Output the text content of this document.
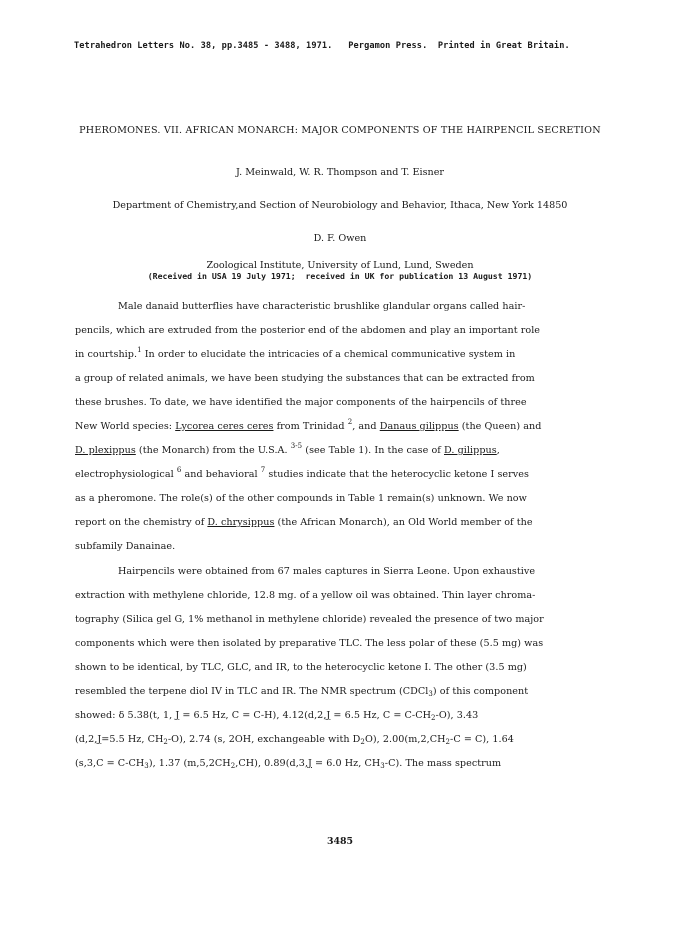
Tetrahedron Letters No. 38, pp.3485 - 3488, 1971.   Pergamon Press.  Printed in Great Britain.
PHEROMONES. VII. AFRICAN MONARCH: MAJOR COMPONENTS OF THE HAIRPENCIL SECRETION
J. Meinwald, W. R. Thompson and T. Eisner
Department of Chemistry,and Section of Neurobiology and Behavior, Ithaca, New York 14850
D. F. Owen
Zoological Institute, University of Lund, Lund, Sweden
(Received in USA 19 July 1971;  received in UK for publication 13 August 1971)
Male danaid butterflies have characteristic brushlike glandular organs called hair-
pencils, which are extruded from the posterior end of the abdomen and play an important role
in courtship.$^1$ In order to elucidate the intricacies of a chemical communicative system in
a group of related animals, we have been studying the substances that can be extracted from
these brushes. To date, we have identified the major components of the hairpencils of three
New World species: Lycorea ceres ceres from Trinidad $^2$, and Danaus gilippus (the Queen) and
D. plexippus (the Monarch) from the U.S.A. $^{3-5}$ (see Table 1). In the case of D. gilippus,
electrophysiological $^6$ and behavioral $^7$ studies indicate that the heterocyclic ketone I serves
as a pheromone. The role(s) of the other compounds in Table 1 remain(s) unknown. We now
report on the chemistry of D. chrysippus (the African Monarch), an Old World member of the
subfamily Danainae.
Hairpencils were obtained from 67 males captures in Sierra Leone. Upon exhaustive
extraction with methylene chloride, 12.8 mg. of a yellow oil was obtained. Thin layer chroma-
tography (Silica gel G, 1% methanol in methylene chloride) revealed the presence of two major
components which were then isolated by preparative TLC. The less polar of these (5.5 mg) was
shown to be identical, by TLC, GLC, and IR, to the heterocyclic ketone I. The other (3.5 mg)
resembled the terpene diol IV in TLC and IR. The NMR spectrum (CDCl$_3$) of this component
showed: δ 5.38(t, 1, J = 6.5 Hz, C = C-H), 4.12(d,2,J = 6.5 Hz, $C = C-CH_2-O$), 3.43
(d,2,J=5.5 Hz, $CH_2-O$), 2.74 (s, 2OH, exchangeable with $D_2O$), $2.00(m,2,CH_2-C = C)$, 1.64
$(s,3,C = C-CH_3)$, 1.37 $(m,5,2CH_2,CH)$, 0.89(d,3,J = 6.0 Hz, $CH_3-C$). The mass spectrum
3485
